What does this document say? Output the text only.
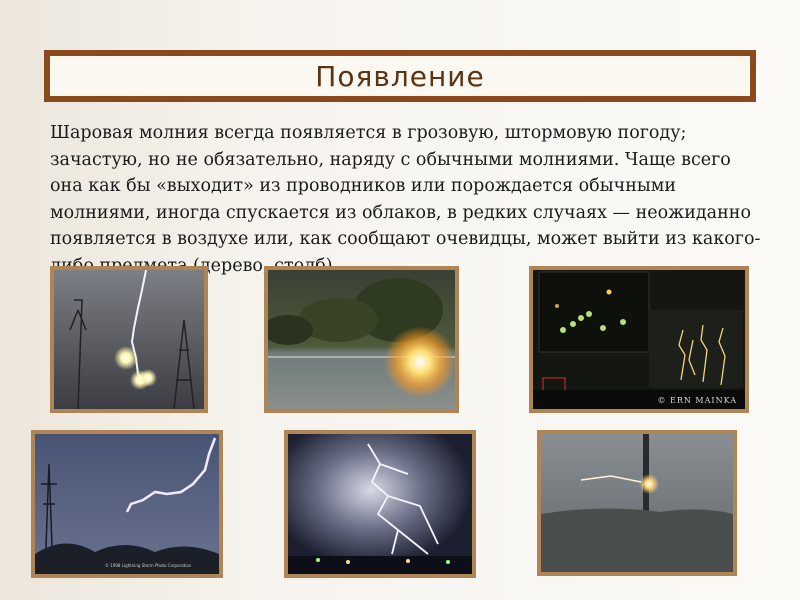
Появление
Шаровая молния всегда появляется в грозовую, штормовую погоду; зачастую, но не обязательно, наряду с обычными молниями. Чаще всего она как бы «выходит» из проводников или порождается обычными молниями, иногда спускается из облаков, в редких случаях — неожиданно появляется в воздухе или, как сообщают очевидцы, может выйти из какого- (дерево,
© ERN MAINKA
© 1998 Lightning Storm Photo Corporation
